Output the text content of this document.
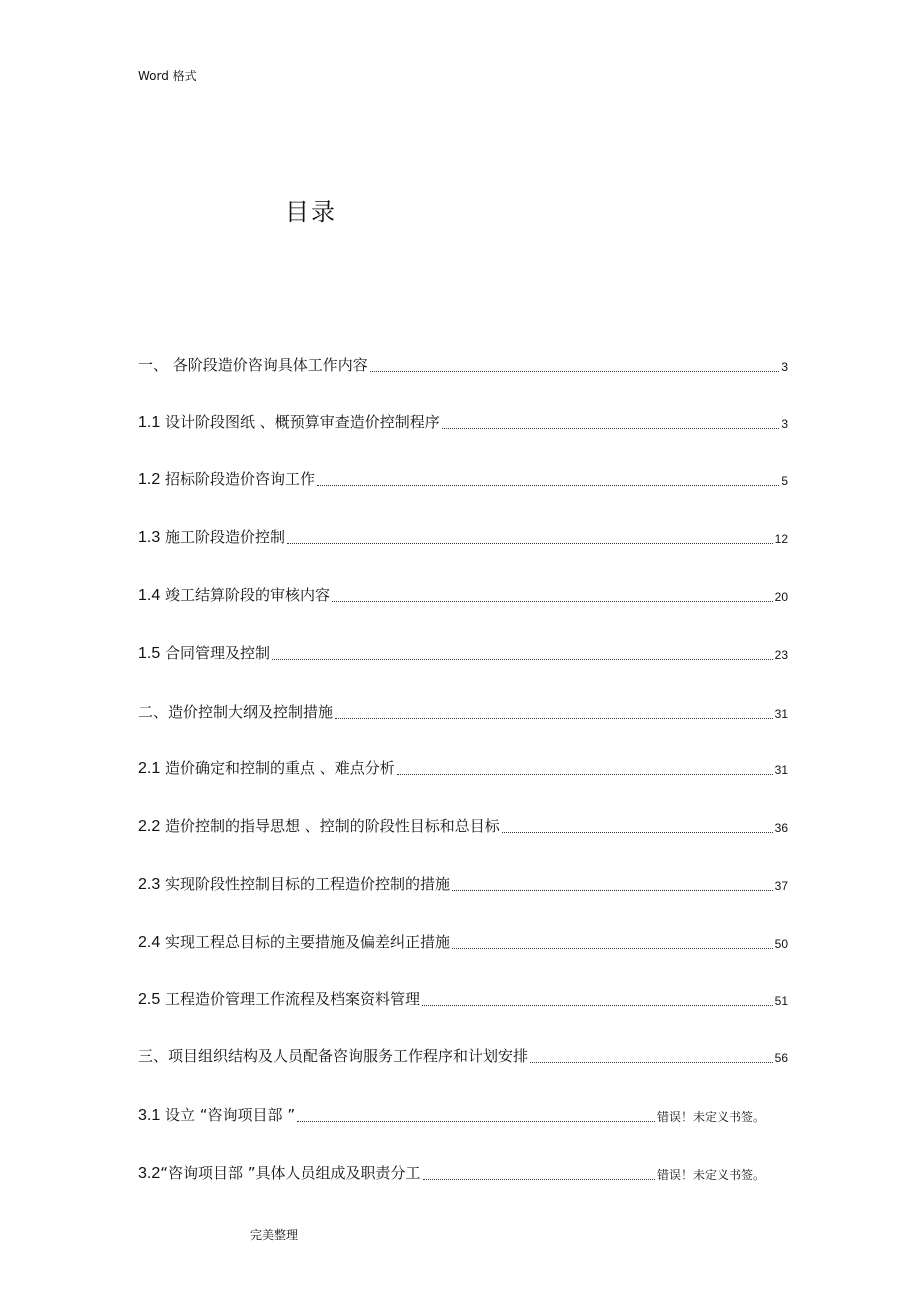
Word 格式
目录
一、 各阶段造价咨询具体工作内容	3
1.1 设计阶段图纸 、概预算审查造价控制程序	3
1.2 招标阶段造价咨询工作	5
1.3 施工阶段造价控制	12
1.4 竣工结算阶段的审核内容	20
1.5 合同管理及控制	23
二、造价控制大纲及控制措施	31
2.1 造价确定和控制的重点 、难点分析	31
2.2 造价控制的指导思想 、控制的阶段性目标和总目标	36
2.3 实现阶段性控制目标的工程造价控制的措施	37
2.4 实现工程总目标的主要措施及偏差纠正措施	50
2.5 工程造价管理工作流程及档案资料管理	51
三、项目组织结构及人员配备咨询服务工作程序和计划安排	56
3.1 设立 “咨询项目部 ”	错误！未定义书签。
3.2“咨询项目部 ”具体人员组成及职责分工	错误！未定义书签。
完美整理
